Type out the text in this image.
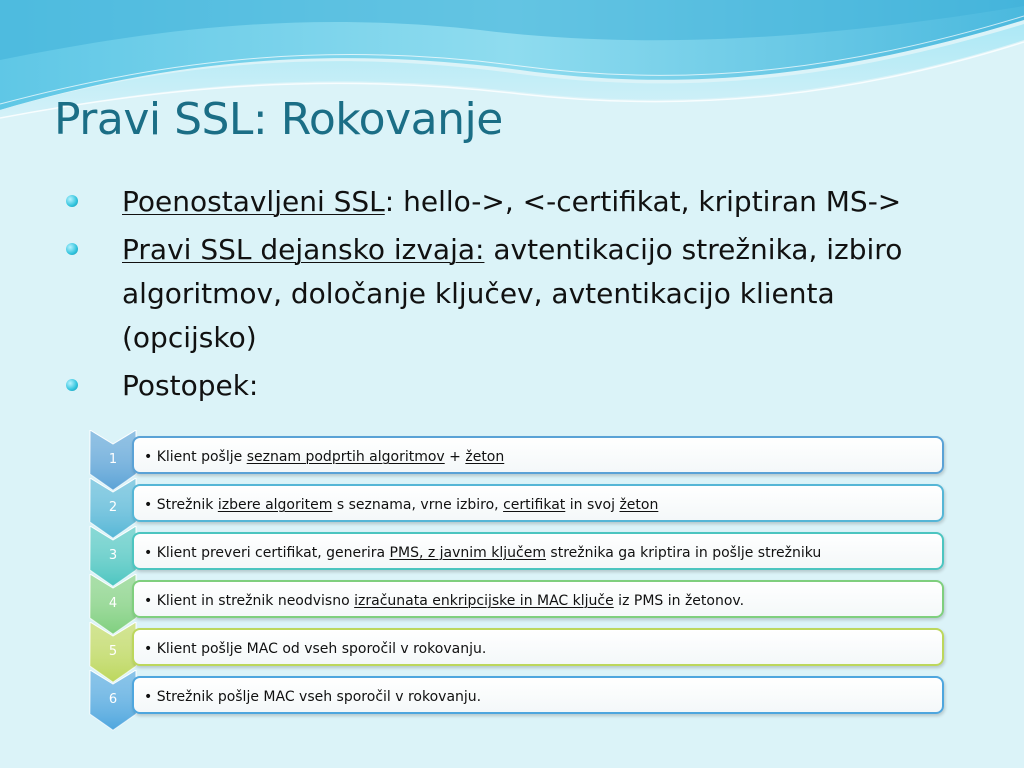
Pravi SSL: Rokovanje
Poenostavljeni SSL: hello->, <-certifikat, kriptiran MS->
Pravi SSL dejansko izvaja: avtentikacijo strežnika, izbiro algoritmov, določanje ključev, avtentikacijo klienta (opcijsko)
Postopek:
1	• Klient pošlje seznam podprtih algoritmov + žeton
2	• Strežnik izbere algoritem s seznama, vrne izbiro, certifikat in svoj žeton
3	• Klient preveri certifikat, generira PMS, z javnim ključem strežnika ga kriptira in pošlje strežniku
4	• Klient in strežnik neodvisno izračunata enkripcijske in MAC ključe iz PMS in žetonov.
5	• Klient pošlje MAC od vseh sporočil v rokovanju.
6	• Strežnik pošlje MAC vseh sporočil v rokovanju.
